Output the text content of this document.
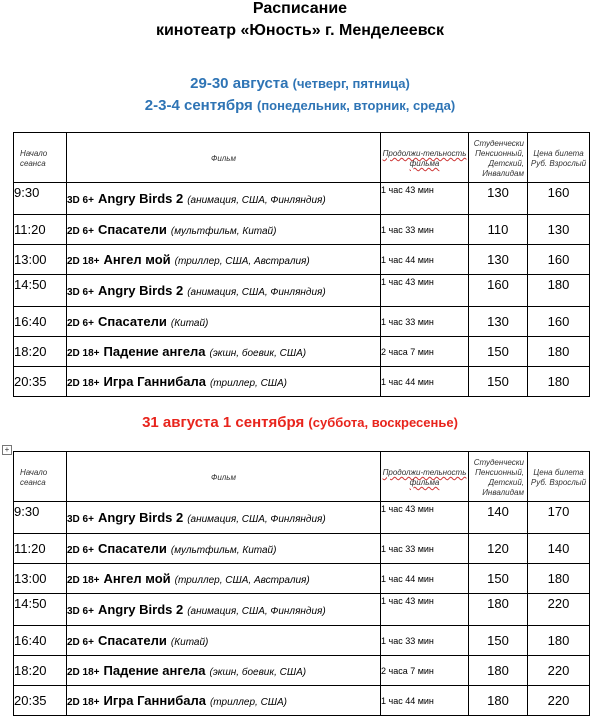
Расписание
кинотеатр «Юность» г. Менделеевск
29-30 августа (четверг, пятница)
2-3-4 сентября (понедельник, вторник, среда)
Начало сеанса	Фильм	Продолжи-тельность фильма	Студенчески Пенсионный, Детский, Инвалидам	Цена билета Руб. Взрослый
9:30	3D 6+ Angry Birds 2 (анимация, США, Финляндия)	1 час 43 мин	130	160
11:20	2D 6+ Спасатели (мультфильм, Китай)	1 час 33 мин	110	130
13:00	2D 18+ Ангел мой (триллер, США, Австралия)	1 час 44 мин	130	160
14:50	3D 6+ Angry Birds 2 (анимация, США, Финляндия)	1 час 43 мин	160	180
16:40	2D 6+ Спасатели (Китай)	1 час 33 мин	130	160
18:20	2D 18+ Падение ангела (экшн, боевик, США)	2 часа 7 мин	150	180
20:35	2D 18+ Игра Ганнибала (триллер, США)	1 час 44 мин	150	180
31 августа 1 сентября (суббота, воскресенье)
+
Начало сеанса	Фильм	Продолжи-тельность фильма	Студенчески Пенсионный, Детский, Инвалидам	Цена билета Руб. Взрослый
9:30	3D 6+ Angry Birds 2 (анимация, США, Финляндия)	1 час 43 мин	140	170
11:20	2D 6+ Спасатели (мультфильм, Китай)	1 час 33 мин	120	140
13:00	2D 18+ Ангел мой (триллер, США, Австралия)	1 час 44 мин	150	180
14:50	3D 6+ Angry Birds 2 (анимация, США, Финляндия)	1 час 43 мин	180	220
16:40	2D 6+ Спасатели (Китай)	1 час 33 мин	150	180
18:20	2D 18+ Падение ангела (экшн, боевик, США)	2 часа 7 мин	180	220
20:35	2D 18+ Игра Ганнибала (триллер, США)	1 час 44 мин	180	220
